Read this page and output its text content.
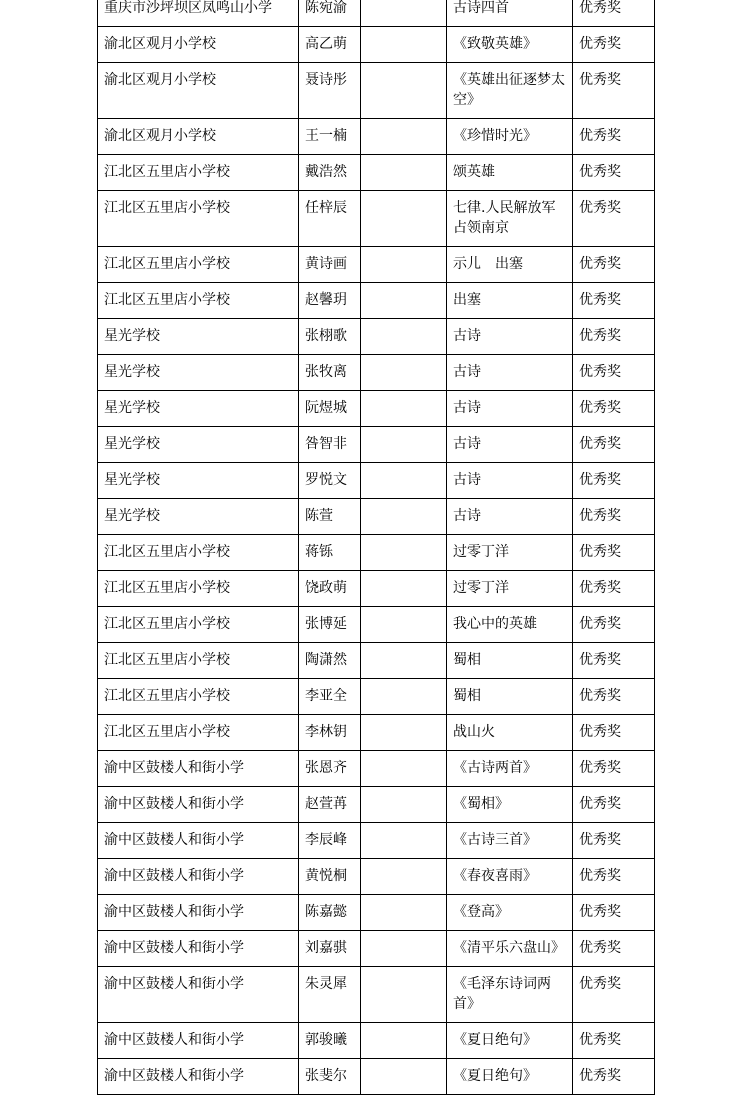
重庆市沙坪坝区凤鸣山小学	陈宛渝		古诗四首	优秀奖
渝北区观月小学校	高乙萌		《致敬英雄》	优秀奖
渝北区观月小学校	聂诗彤		《英雄出征逐梦太空》	优秀奖
渝北区观月小学校	王一楠		《珍惜时光》	优秀奖
江北区五里店小学校	戴浩然		颂英雄	优秀奖
江北区五里店小学校	任梓辰		七律.人民解放军占领南京	优秀奖
江北区五里店小学校	黄诗画		示儿　出塞	优秀奖
江北区五里店小学校	赵馨玥		出塞	优秀奖
星光学校	张栩歌		古诗	优秀奖
星光学校	张牧离		古诗	优秀奖
星光学校	阮煜城		古诗	优秀奖
星光学校	咎智非		古诗	优秀奖
星光学校	罗悦文		古诗	优秀奖
星光学校	陈萱		古诗	优秀奖
江北区五里店小学校	蒋铄		过零丁洋	优秀奖
江北区五里店小学校	饶政萌		过零丁洋	优秀奖
江北区五里店小学校	张博延		我心中的英雄	优秀奖
江北区五里店小学校	陶潇然		蜀相	优秀奖
江北区五里店小学校	李亚全		蜀相	优秀奖
江北区五里店小学校	李林钥		战山火	优秀奖
渝中区鼓楼人和街小学	张恩齐		《古诗两首》	优秀奖
渝中区鼓楼人和街小学	赵萱苒		《蜀相》	优秀奖
渝中区鼓楼人和街小学	李辰峰		《古诗三首》	优秀奖
渝中区鼓楼人和街小学	黄悦桐		《春夜喜雨》	优秀奖
渝中区鼓楼人和街小学	陈嘉懿		《登高》	优秀奖
渝中区鼓楼人和街小学	刘嘉骐		《清平乐六盘山》	优秀奖
渝中区鼓楼人和街小学	朱灵犀		《毛泽东诗词两首》	优秀奖
渝中区鼓楼人和街小学	郭骏曦		《夏日绝句》	优秀奖
渝中区鼓楼人和街小学	张斐尔		《夏日绝句》	优秀奖
